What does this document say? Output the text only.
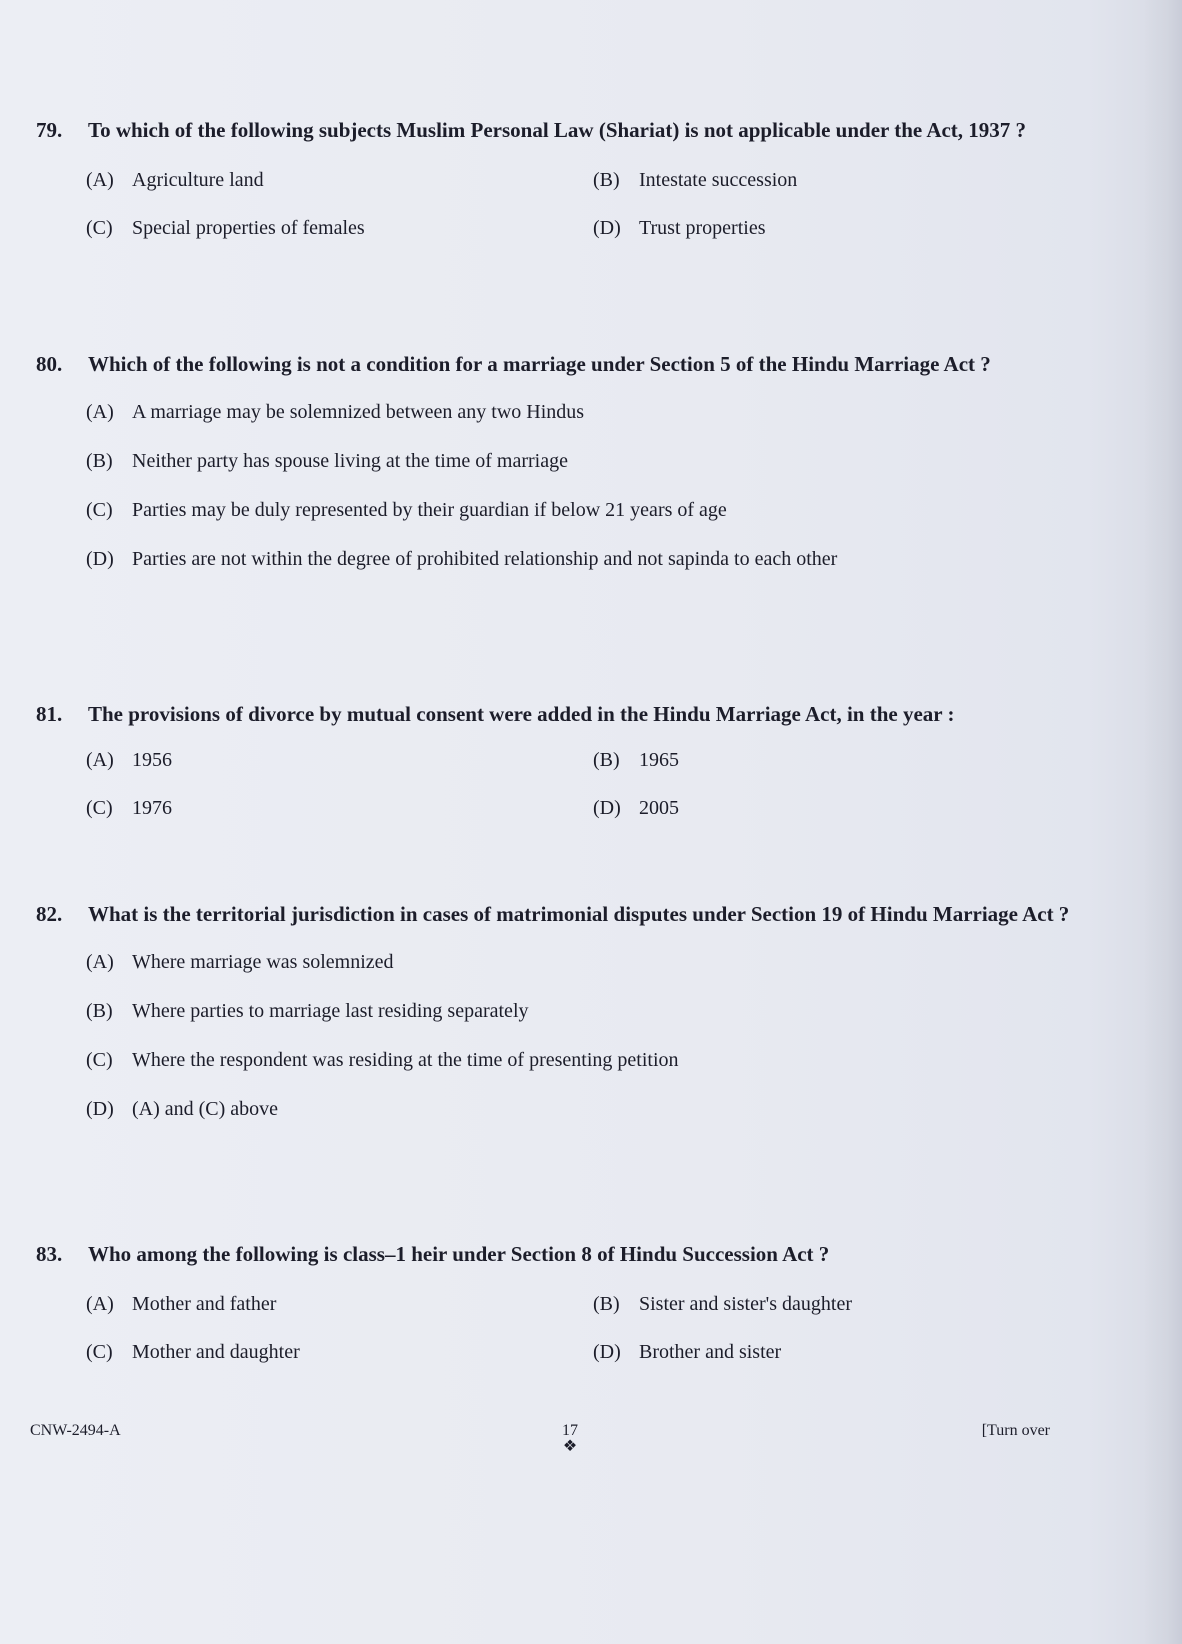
79.	To which of the following subjects Muslim Personal Law (Shariat) is not applicable under the Act, 1937 ?
(A) Agriculture land	(B) Intestate succession
(C) Special properties of females	(D) Trust properties
80.	Which of the following is not a condition for a marriage under Section 5 of the Hindu Marriage Act ?
(A) A marriage may be solemnized between any two Hindus
(B) Neither party has spouse living at the time of marriage
(C) Parties may be duly represented by their guardian if below 21 years of age
(D) Parties are not within the degree of prohibited relationship and not sapinda to each other
81.	The provisions of divorce by mutual consent were added in the Hindu Marriage Act, in the year :
(A) 1956	(B) 1965
(C) 1976	(D) 2005
82.	What is the territorial jurisdiction in cases of matrimonial disputes under Section 19 of Hindu Marriage Act ?
(A) Where marriage was solemnized
(B) Where parties to marriage last residing separately
(C) Where the respondent was residing at the time of presenting petition
(D) (A) and (C) above
83.	Who among the following is class–1 heir under Section 8 of Hindu Succession Act ?
(A) Mother and father	(B) Sister and sister's daughter
(C) Mother and daughter	(D) Brother and sister
CNW-2494-A	17
❖
[Turn over
